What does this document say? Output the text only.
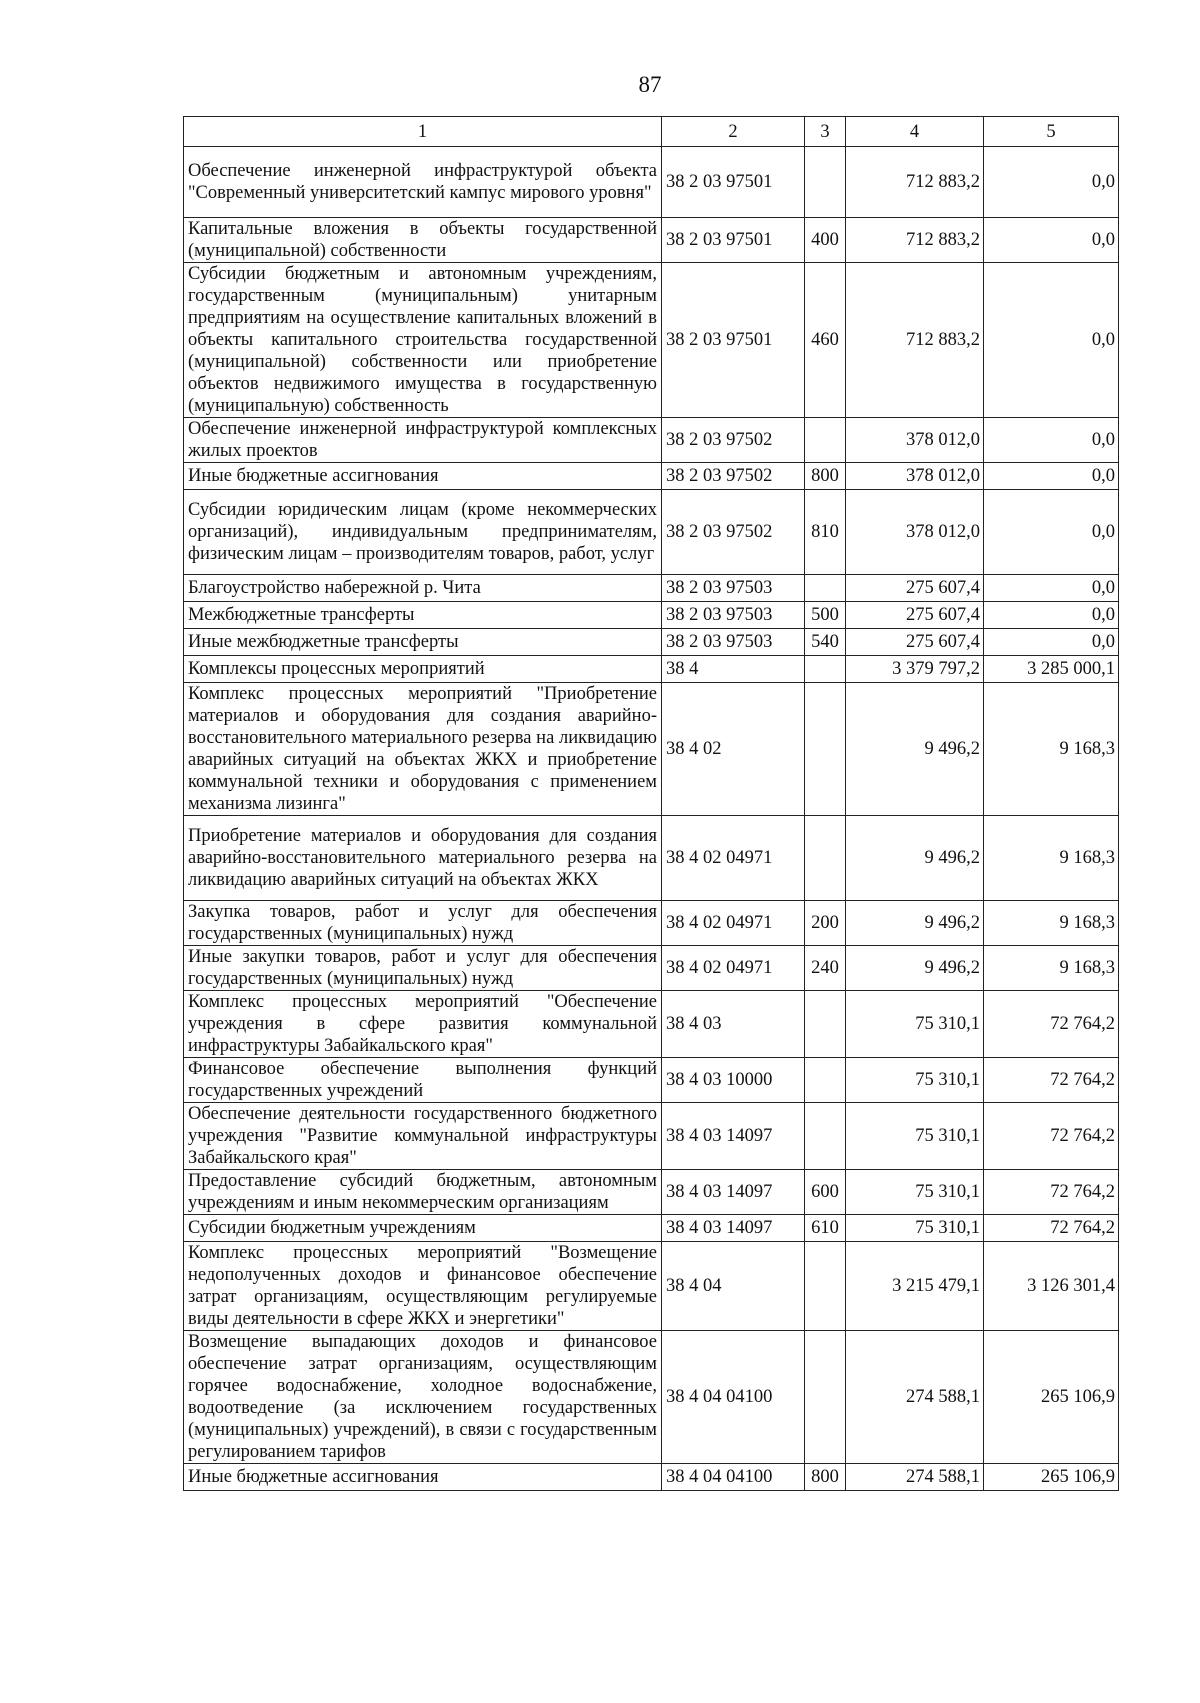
87
1	2	3	4	5
Обеспечение инженерной инфраструктурой объекта "Современный университетский кампус мирового уровня"	38 2 03 97501		712 883,2	0,0
Капитальные вложения в объекты государственной (муниципальной) собственности	38 2 03 97501	400	712 883,2	0,0
Субсидии бюджетным и автономным учреждениям, государственным (муниципальным) унитарным предприятиям на осуществление капитальных вложений в объекты капитального строительства государственной (муниципальной) собственности или приобретение объектов недвижимого имущества в государственную (муниципальную) собственность	38 2 03 97501	460	712 883,2	0,0
Обеспечение инженерной инфраструктурой комплексных жилых проектов	38 2 03 97502		378 012,0	0,0
Иные бюджетные ассигнования	38 2 03 97502	800	378 012,0	0,0
Субсидии юридическим лицам (кроме некоммерческих организаций), индивидуальным предпринимателям, физическим лицам – производителям товаров, работ, услуг	38 2 03 97502	810	378 012,0	0,0
Благоустройство набережной р. Чита	38 2 03 97503		275 607,4	0,0
Межбюджетные трансферты	38 2 03 97503	500	275 607,4	0,0
Иные межбюджетные трансферты	38 2 03 97503	540	275 607,4	0,0
Комплексы процессных мероприятий	38 4		3 379 797,2	3 285 000,1
Комплекс процессных мероприятий "Приобретение материалов и оборудования для создания аварийно-восстановительного материального резерва на ликвидацию аварийных ситуаций на объектах ЖКХ и приобретение коммунальной техники и оборудования с применением механизма лизинга"	38 4 02		9 496,2	9 168,3
Приобретение материалов и оборудования для создания аварийно-восстановительного материального резерва на ликвидацию аварийных ситуаций на объектах ЖКХ	38 4 02 04971		9 496,2	9 168,3
Закупка товаров, работ и услуг для обеспечения государственных (муниципальных) нужд	38 4 02 04971	200	9 496,2	9 168,3
Иные закупки товаров, работ и услуг для обеспечения государственных (муниципальных) нужд	38 4 02 04971	240	9 496,2	9 168,3
Комплекс процессных мероприятий "Обеспечение учреждения в сфере развития коммунальной инфраструктуры Забайкальского края"	38 4 03		75 310,1	72 764,2
Финансовое обеспечение выполнения функций государственных учреждений	38 4 03 10000		75 310,1	72 764,2
Обеспечение деятельности государственного бюджетного учреждения "Развитие коммунальной инфраструктуры Забайкальского края"	38 4 03 14097		75 310,1	72 764,2
Предоставление субсидий бюджетным, автономным учреждениям и иным некоммерческим организациям	38 4 03 14097	600	75 310,1	72 764,2
Субсидии бюджетным учреждениям	38 4 03 14097	610	75 310,1	72 764,2
Комплекс процессных мероприятий "Возмещение недополученных доходов и финансовое обеспечение затрат организациям, осуществляющим регулируемые виды деятельности в сфере ЖКХ и энергетики"	38 4 04		3 215 479,1	3 126 301,4
Возмещение выпадающих доходов и финансовое обеспечение затрат организациям, осуществляющим горячее водоснабжение, холодное водоснабжение, водоотведение (за исключением государственных (муниципальных) учреждений), в связи с государственным регулированием тарифов	38 4 04 04100		274 588,1	265 106,9
Иные бюджетные ассигнования	38 4 04 04100	800	274 588,1	265 106,9
